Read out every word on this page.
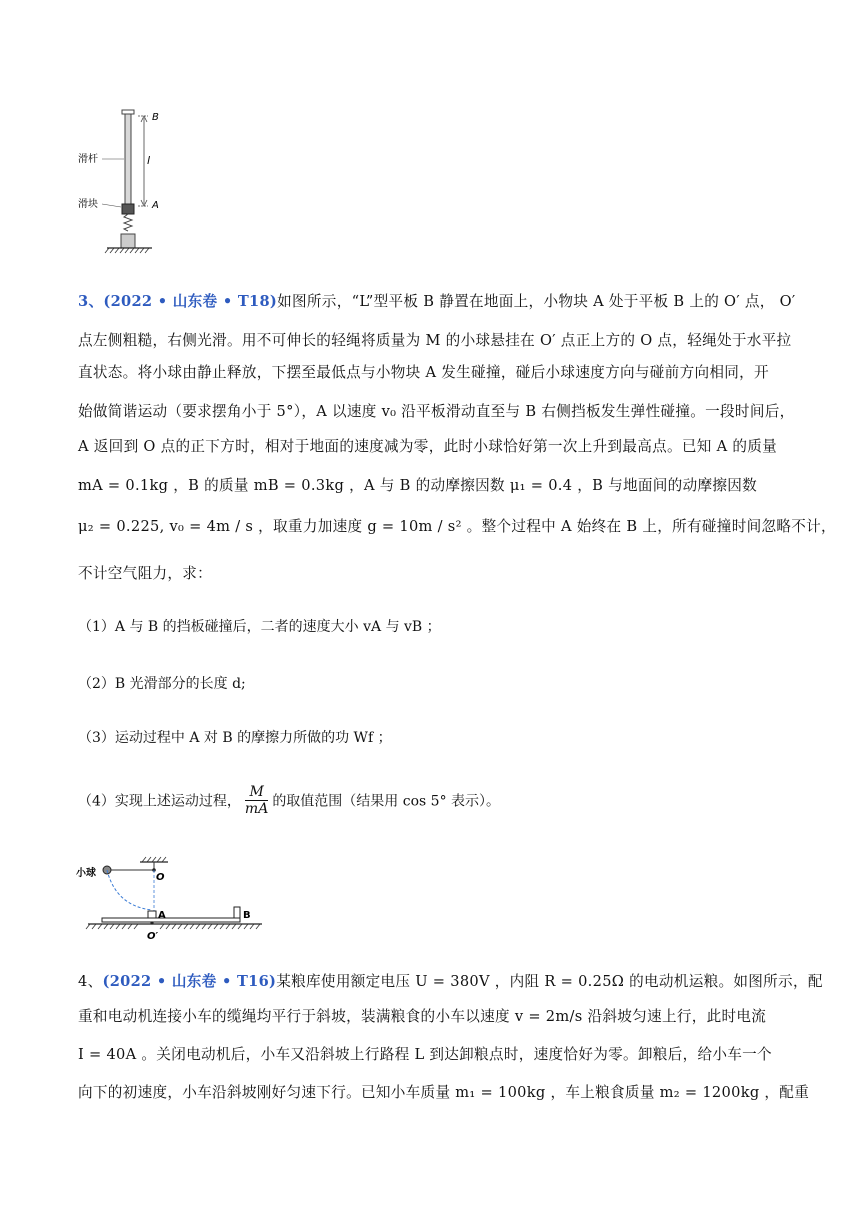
B
l
A
滑杆
滑块
3、(2022 • 山东卷 • T18)如图所示，“L”型平板 B 静置在地面上，小物块 A 处于平板 B 上的 O′ 点， O′
点左侧粗糙，右侧光滑。用不可伸长的轻绳将质量为 M 的小球悬挂在 O′ 点正上方的 O 点，轻绳处于水平拉
直状态。将小球由静止释放，下摆至最低点与小物块 A 发生碰撞，碰后小球速度方向与碰前方向相同，开
始做简谐运动（要求摆角小于 5°），A 以速度 v₀ 沿平板滑动直至与 B 右侧挡板发生弹性碰撞。一段时间后，
A 返回到 O 点的正下方时，相对于地面的速度减为零，此时小球恰好第一次上升到最高点。已知 A 的质量
mA = 0.1kg ，B 的质量 mB = 0.3kg ，A 与 B 的动摩擦因数 μ₁ = 0.4 ，B 与地面间的动摩擦因数
μ₂ = 0.225, v₀ = 4m / s ，取重力加速度 g = 10m / s² 。整个过程中 A 始终在 B 上，所有碰撞时间忽略不计，
不计空气阻力，求：
（1）A 与 B 的挡板碰撞后，二者的速度大小 vA 与 vB ；
（2）B 光滑部分的长度 d;
（3）运动过程中 A 对 B 的摩擦力所做的功 Wf ；
（4）实现上述运动过程， $\frac{M}{mA}$ 的取值范围（结果用 cos 5° 表示）。
小球	O
A	B
O′
4、(2022 • 山东卷 • T16)某粮库使用额定电压 U = 380V ，内阻 R = 0.25Ω 的电动机运粮。如图所示，配
重和电动机连接小车的缆绳均平行于斜坡，装满粮食的小车以速度 v = 2m/s 沿斜坡匀速上行，此时电流
I = 40A 。关闭电动机后，小车又沿斜坡上行路程 L 到达卸粮点时，速度恰好为零。卸粮后，给小车一个
向下的初速度，小车沿斜坡刚好匀速下行。已知小车质量 m₁ = 100kg ，车上粮食质量 m₂ = 1200kg ，配重
